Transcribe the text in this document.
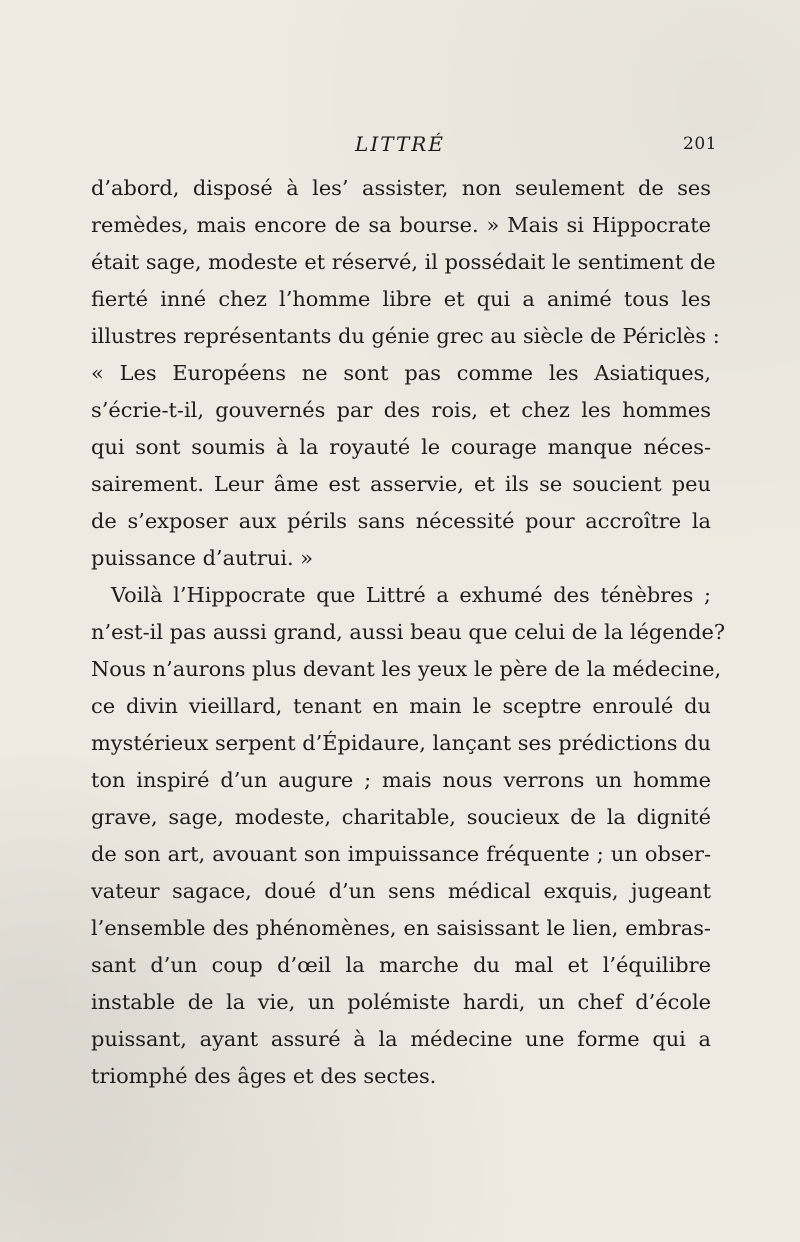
LITTRÉ	201
d’abord, disposé à les’ assister, non seulement de ses
remèdes, mais encore de sa bourse. » Mais si Hippocrate
était sage, modeste et réservé, il possédait le sentiment de
fierté inné chez l’homme libre et qui a animé tous les
illustres représentants du génie grec au siècle de Périclès :
« Les Européens ne sont pas comme les Asiatiques,
s’écrie-t-il, gouvernés par des rois, et chez les hommes
qui sont soumis à la royauté le courage manque néces-
sairement. Leur âme est asservie, et ils se soucient peu
de s’exposer aux périls sans nécessité pour accroître la
puissance d’autrui. »
Voilà l’Hippocrate que Littré a exhumé des ténèbres ;
n’est-il pas aussi grand, aussi beau que celui de la légende?
Nous n’aurons plus devant les yeux le père de la médecine,
ce divin vieillard, tenant en main le sceptre enroulé du
mystérieux serpent d’Épidaure, lançant ses prédictions du
ton inspiré d’un augure ; mais nous verrons un homme
grave, sage, modeste, charitable, soucieux de la dignité
de son art, avouant son impuissance fréquente ; un obser-
vateur sagace, doué d’un sens médical exquis, jugeant
l’ensemble des phénomènes, en saisissant le lien, embras-
sant d’un coup d’œil la marche du mal et l’équilibre
instable de la vie, un polémiste hardi, un chef d’école
puissant, ayant assuré à la médecine une forme qui a
triomphé des âges et des sectes.
